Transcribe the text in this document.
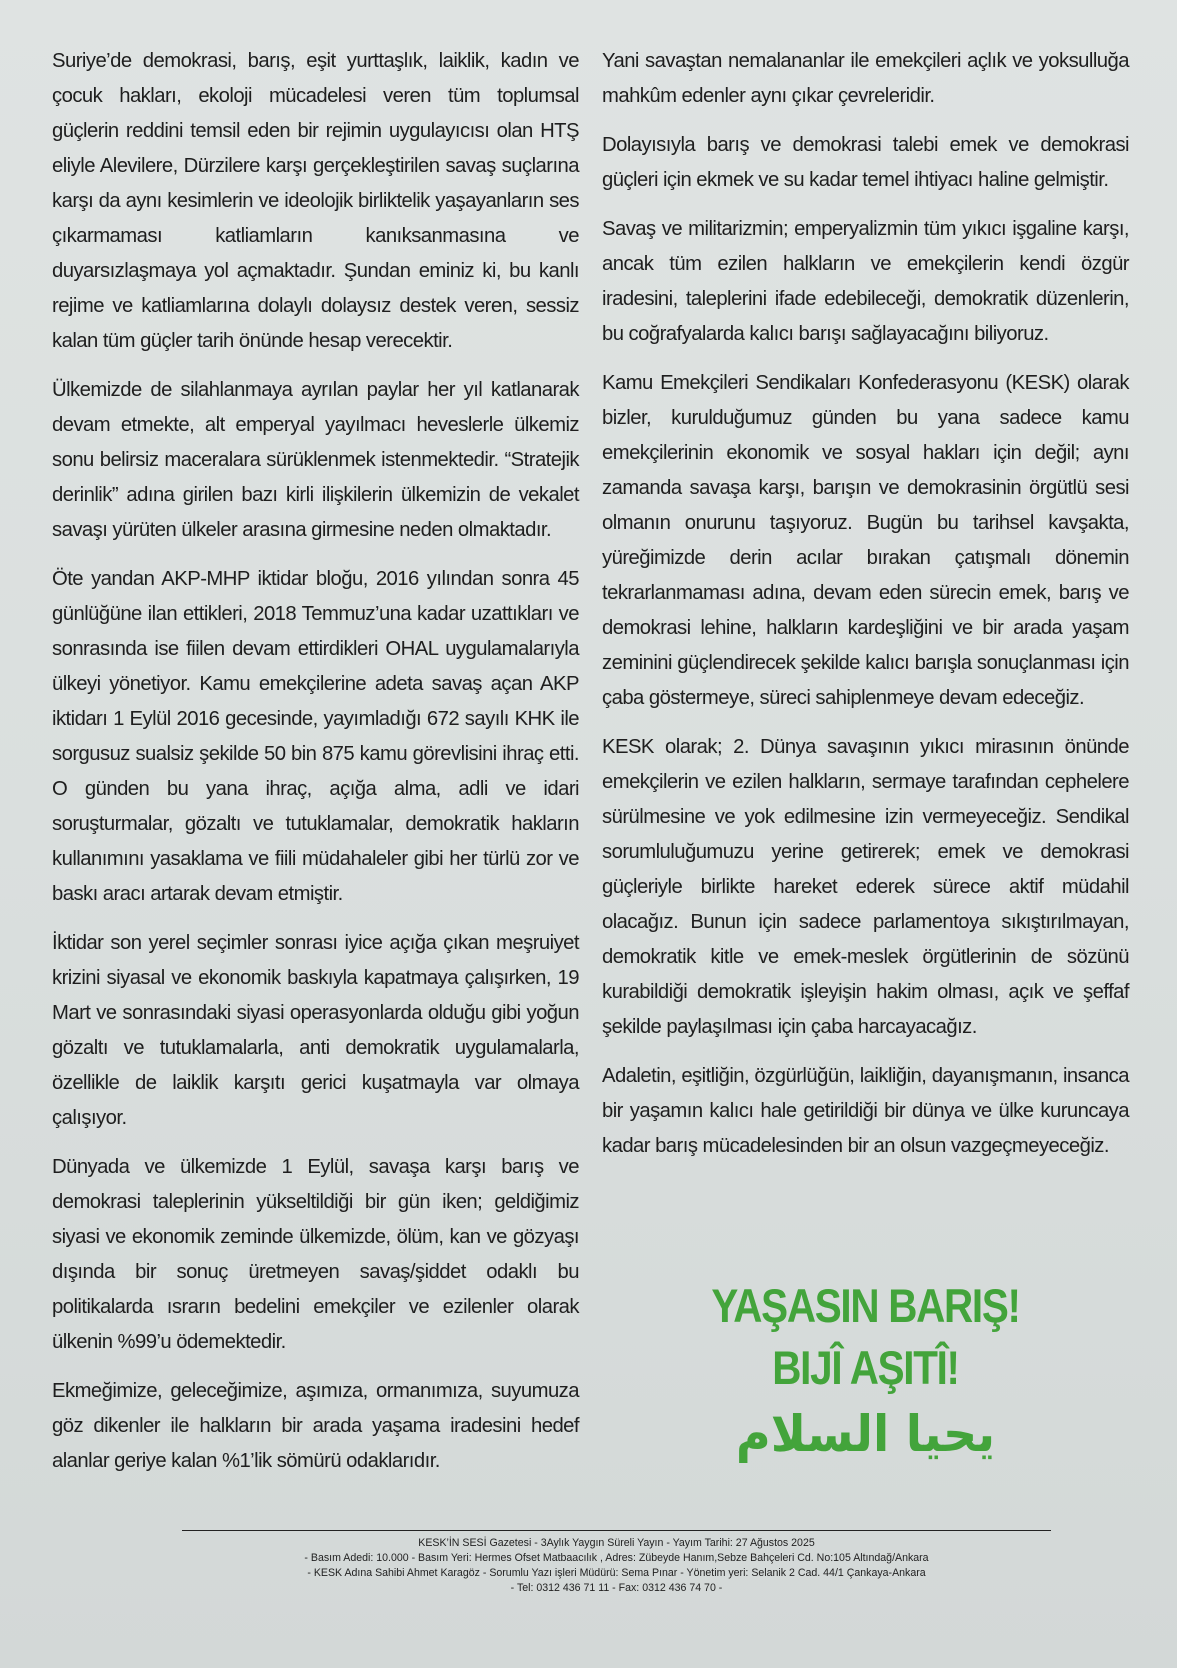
Suriye’de demokrasi, barış, eşit yurttaşlık, laiklik, kadın ve çocuk hakları, ekoloji mücadelesi veren tüm toplumsal güçlerin reddini temsil eden bir rejimin uygulayıcısı olan HTŞ eliyle Alevilere, Dürzilere karşı gerçekleştirilen savaş suçlarına karşı da aynı kesimlerin ve ideolojik birliktelik yaşayanların ses çıkarmaması katliamların kanıksanmasına ve duyarsızlaşmaya yol açmaktadır. Şundan eminiz ki, bu kanlı rejime ve katliamlarına dolaylı dolaysız destek veren, sessiz kalan tüm güçler tarih önünde hesap verecektir.

Ülkemizde de silahlanmaya ayrılan paylar her yıl katlanarak devam etmekte, alt emperyal yayılmacı heveslerle ülkemiz sonu belirsiz maceralara sürüklenmek istenmektedir. “Stratejik derinlik” adına girilen bazı kirli ilişkilerin ülkemizin de vekalet savaşı yürüten ülkeler arasına girmesine neden olmaktadır.

Öte yandan AKP-MHP iktidar bloğu, 2016 yılından sonra 45 günlüğüne ilan ettikleri, 2018 Temmuz’una kadar uzattıkları ve sonrasında ise fiilen devam ettirdikleri OHAL uygulamalarıyla ülkeyi yönetiyor. Kamu emekçilerine adeta savaş açan AKP iktidarı 1 Eylül 2016 gecesinde, yayımladığı 672 sayılı KHK ile sorgusuz sualsiz şekilde 50 bin 875 kamu görevlisini ihraç etti. O günden bu yana ihraç, açığa alma, adli ve idari soruşturmalar, gözaltı ve tutuklamalar, demokratik hakların kullanımını yasaklama ve fiili müdahaleler gibi her türlü zor ve baskı aracı artarak devam etmiştir.

İktidar son yerel seçimler sonrası iyice açığa çıkan meşruiyet krizini siyasal ve ekonomik baskıyla kapatmaya çalışırken, 19 Mart ve sonrasındaki siyasi operasyonlarda olduğu gibi yoğun gözaltı ve tutuklamalarla, anti demokratik uygulamalarla, özellikle de laiklik karşıtı gerici kuşatmayla var olmaya çalışıyor.

Dünyada ve ülkemizde 1 Eylül, savaşa karşı barış ve demokrasi taleplerinin yükseltildiği bir gün iken; geldiğimiz siyasi ve ekonomik zeminde ülkemizde, ölüm, kan ve gözyaşı dışında bir sonuç üretmeyen savaş/şiddet odaklı bu politikalarda ısrarın bedelini emekçiler ve ezilenler olarak ülkenin %99’u ödemektedir.

Ekmeğimize, geleceğimize, aşımıza, ormanımıza, suyumuza göz dikenler ile halkların bir arada yaşama iradesini hedef alanlar geriye kalan %1’lik sömürü odaklarıdır.

Yani savaştan nemalananlar ile emekçileri açlık ve yoksulluğa mahkûm edenler aynı çıkar çevreleridir.

Dolayısıyla barış ve demokrasi talebi emek ve demokrasi güçleri için ekmek ve su kadar temel ihtiyacı haline gelmiştir.

Savaş ve militarizmin; emperyalizmin tüm yıkıcı işgaline karşı, ancak tüm ezilen halkların ve emekçilerin kendi özgür iradesini, taleplerini ifade edebileceği, demokratik düzenlerin, bu coğrafyalarda kalıcı barışı sağlayacağını biliyoruz.

Kamu Emekçileri Sendikaları Konfederasyonu (KESK) olarak bizler, kurulduğumuz günden bu yana sadece kamu emekçilerinin ekonomik ve sosyal hakları için değil; aynı zamanda savaşa karşı, barışın ve demokrasinin örgütlü sesi olmanın onurunu taşıyoruz. Bugün bu tarihsel kavşakta, yüreğimizde derin acılar bırakan çatışmalı dönemin tekrarlanmaması adına, devam eden sürecin emek, barış ve demokrasi lehine, halkların kardeşliğini ve bir arada yaşam zeminini güçlendirecek şekilde kalıcı barışla sonuçlanması için çaba göstermeye, süreci sahiplenmeye devam edeceğiz.

KESK olarak; 2. Dünya savaşının yıkıcı mirasının önünde emekçilerin ve ezilen halkların, sermaye tarafından cephelere sürülmesine ve yok edilmesine izin vermeyeceğiz. Sendikal sorumluluğumuzu yerine getirerek; emek ve demokrasi güçleriyle birlikte hareket ederek sürece aktif müdahil olacağız. Bunun için sadece parlamentoya sıkıştırılmayan, demokratik kitle ve emek-meslek örgütlerinin de sözünü kurabildiği demokratik işleyişin hakim olması, açık ve şeffaf şekilde paylaşılması için çaba harcayacağız.

Adaletin, eşitliğin, özgürlüğün, laikliğin, dayanışmanın, insanca bir yaşamın kalıcı hale getirildiği bir dünya ve ülke kuruncaya kadar barış mücadelesinden bir an olsun vazgeçmeyeceğiz.

YAŞASIN BARIŞ!
BIJÎ AŞITÎ!
يحيا السلام
KESK’İN SESİ Gazetesi - 3Aylık Yaygın Süreli Yayın - Yayım Tarihi: 27 Ağustos 2025
- Basım Adedi: 10.000 - Basım Yeri: Hermes Ofset Matbaacılık , Adres: Zübeyde Hanım,Sebze Bahçeleri Cd. No:105 Altındağ/Ankara
- KESK Adına Sahibi Ahmet Karagöz - Sorumlu Yazı işleri Müdürü: Sema Pınar - Yönetim yeri: Selanik 2 Cad. 44/1 Çankaya-Ankara
- Tel: 0312 436 71 11 - Fax: 0312 436 74 70 -
